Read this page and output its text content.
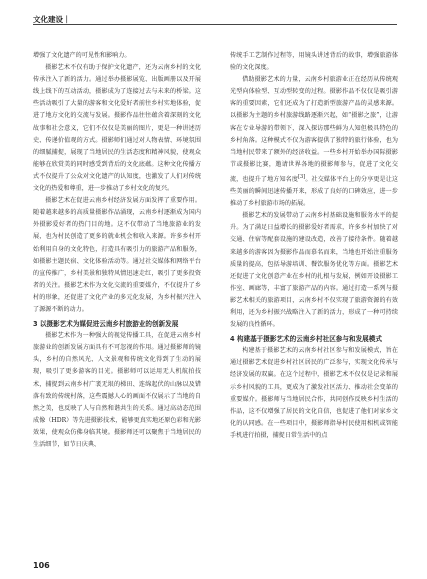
文化建设｜

增强了文化遗产的可见性和影响力。

摄影艺术不仅有助于保护文化遗产，还为云南乡村的文化传承注入了新的活力。通过举办摄影展览、出版画册以及开展线上线下的互动活动，摄影成为了连接过去与未来的桥梁。这些活动吸引了大量的游客和文化爱好者前往乡村实地体验，促进了地方文化的交流与发展。摄影作品往往蕴含着深刻的文化故事和社会意义，它们不仅仅是美丽的图片，更是一种讲述历史、传递价值观的方式。摄影师们通过对人物表情、环境氛围的细腻捕捉，展现了当地居民的生活态度和精神风貌，使观众能够在欣赏美的同时感受到背后的文化底蕴。这种文化传播方式不仅提升了公众对文化遗产的认知度，也激发了人们对传统文化的热爱和尊重，进一步推动了乡村文化的复兴。

摄影艺术在促进云南乡村经济发展方面发挥了重要作用。随着越来越多的高质量摄影作品涌现，云南乡村逐渐成为国内外摄影爱好者的热门目的地。这不仅带动了当地旅游业的发展，也为村民创造了更多的就业机会和收入来源。许多乡村开始利用自身的文化特色，打造具有吸引力的旅游产品和服务，如摄影主题民宿、文化体验活动等。通过社交媒体和网络平台的宣传推广，乡村美景和独特风情迅速走红，吸引了更多投资者的关注。摄影艺术作为文化交流的重要媒介，不仅提升了乡村的形象，还促进了文化产业的多元化发展，为乡村振兴注入了源源不断的动力。

3 以摄影艺术为媒促进云南乡村旅游业的创新发展

摄影艺术作为一种强大的视觉传播工具，在促进云南乡村旅游业的创新发展方面具有不可忽视的作用。通过摄影师的镜头，乡村的自然风光、人文景观和传统文化得到了生动的展现，吸引了更多游客的目光。摄影师可以运用无人机航拍技术，捕捉到云南乡村广袤无垠的梯田、连绵起伏的山脉以及错落有致的传统村落，这些震撼人心的画面不仅展示了当地的自然之美，也反映了人与自然和谐共生的关系。通过高动态范围成像（HDR）等先进摄影技术，能够更真实地还原色彩和光影效果，使观众仿佛身临其境。摄影师还可以聚焦于当地居民的生活细节，如节日庆典、

传统手工艺制作过程等，用镜头讲述背后的故事，增强旅游体验的文化深度。

借助摄影艺术的力量，云南乡村旅游业正在经历从传统观光型向体验型、互动型转变的过程。摄影作品不仅仅是吸引游客的重要因素，它们还成为了打造新型旅游产品的灵感来源。以摄影为主题的乡村旅游线路逐渐兴起，如“摄影之旅”，让游客在专业导游的带领下，深入探访那些鲜为人知但极具特色的乡村角落。这种模式不仅为游客提供了独特的旅行体验，也为当地村民带来了额外的经济收益。一些乡村开始举办国际摄影节或摄影比赛，邀请世界各地的摄影师参与，促进了文化交流，也提升了地方知名度[3]。社交媒体平台上的分享更是让这些美丽的瞬间迅速传播开来，形成了良好的口碑效应，进一步推动了乡村旅游市场的拓展。

摄影艺术的发展带动了云南乡村基础设施和服务水平的提升。为了满足日益增长的摄影爱好者需求，许多乡村加快了对交通、住宿等配套设施的建设改造，改善了接待条件。随着越来越多的游客因为摄影作品而慕名而来，当地也开始注重服务质量的提高，包括导游培训、餐饮服务优化等方面。摄影艺术还促进了文化创意产业在乡村的扎根与发展，例如开设摄影工作室、画廊等，丰富了旅游产品的内容。通过打造一系列与摄影艺术相关的旅游项目，云南乡村不仅实现了旅游资源的有效利用，还为乡村振兴战略注入了新的活力，形成了一种可持续发展的良性循环。

4 构建基于摄影艺术的云南乡村社区参与和发展模式

构建基于摄影艺术的云南乡村社区参与和发展模式，旨在通过摄影艺术促进乡村社区居民的广泛参与，实现文化传承与经济发展的双赢。在这个过程中，摄影艺术不仅仅是记录和展示乡村风貌的工具，更成为了激发社区活力、推动社会变革的重要媒介。摄影师与当地居民合作，共同创作反映乡村生活的作品，这不仅增强了居民的文化自信，也促进了他们对家乡文化的认同感。在一些项目中，摄影师指导村民使用相机或智能手机进行拍摄，捕捉日常生活中的点

106
